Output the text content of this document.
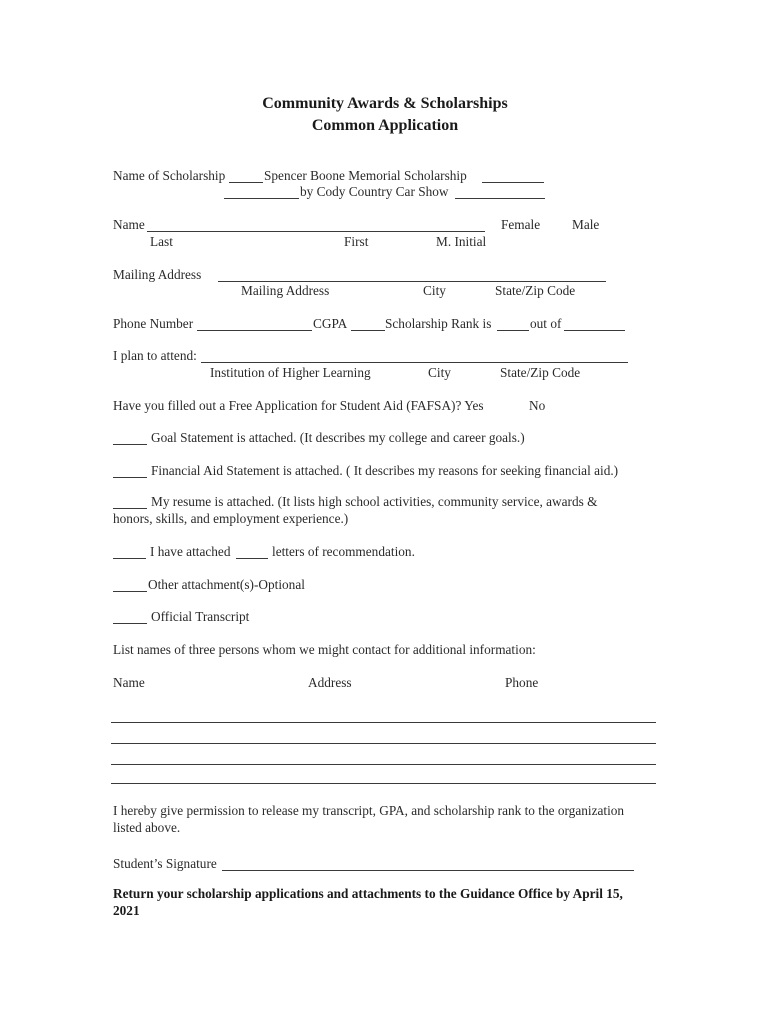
Community Awards & Scholarships
Common Application
Name of Scholarship	Spencer Boone Memorial Scholarship
by Cody Country Car Show
Name	Female Male
Last	First	M. Initial
Mailing Address
Mailing Address	City	State/Zip Code
Phone Number	CGPA	Scholarship Rank is	out of
I plan to attend:
Institution of Higher Learning	City	State/Zip Code
Have you filled out a Free Application for Student Aid (FAFSA)? Yes	No
Goal Statement is attached. (It describes my college and career goals.)
Financial Aid Statement is attached. ( It describes my reasons for seeking financial aid.)
My resume is attached. (It lists high school activities, community service, awards &
honors, skills, and employment experience.)
I have attached	letters of recommendation.
Other attachment(s)-Optional
Official Transcript
List names of three persons whom we might contact for additional information:
Name	Address	Phone
I hereby give permission to release my transcript, GPA, and scholarship rank to the organization
listed above.
Student’s Signature
Return your scholarship applications and attachments to the Guidance Office by April 15,
2021
